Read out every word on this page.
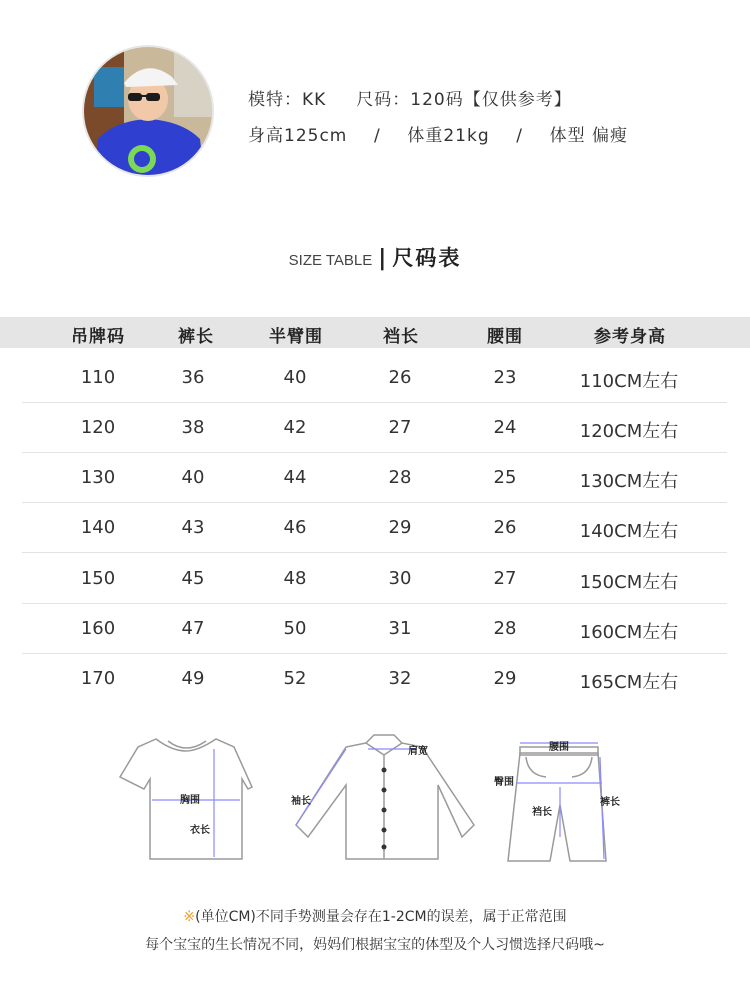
模特：KK 尺码：120码【仅供参考】
身高125cm / 体重21kg / 体型 偏瘦
SIZE TABLE | 尺码表
吊牌码	裤长	半臂围	裆长	腰围	参考身高
110	36	40	26	23	110CM左右
120	38	42	27	24	120CM左右
130	40	44	28	25	130CM左右
140	43	46	29	26	140CM左右
150	45	48	30	27	150CM左右
160	47	50	31	28	160CM左右
170	49	52	32	29	165CM左右
胸围
衣长
肩宽
袖长
腰围
臀围
裆长
裤长
※(单位CM)不同手势测量会存在1-2CM的误差，属于正常范围
每个宝宝的生长情况不同，妈妈们根据宝宝的体型及个人习惯选择尺码哦~
